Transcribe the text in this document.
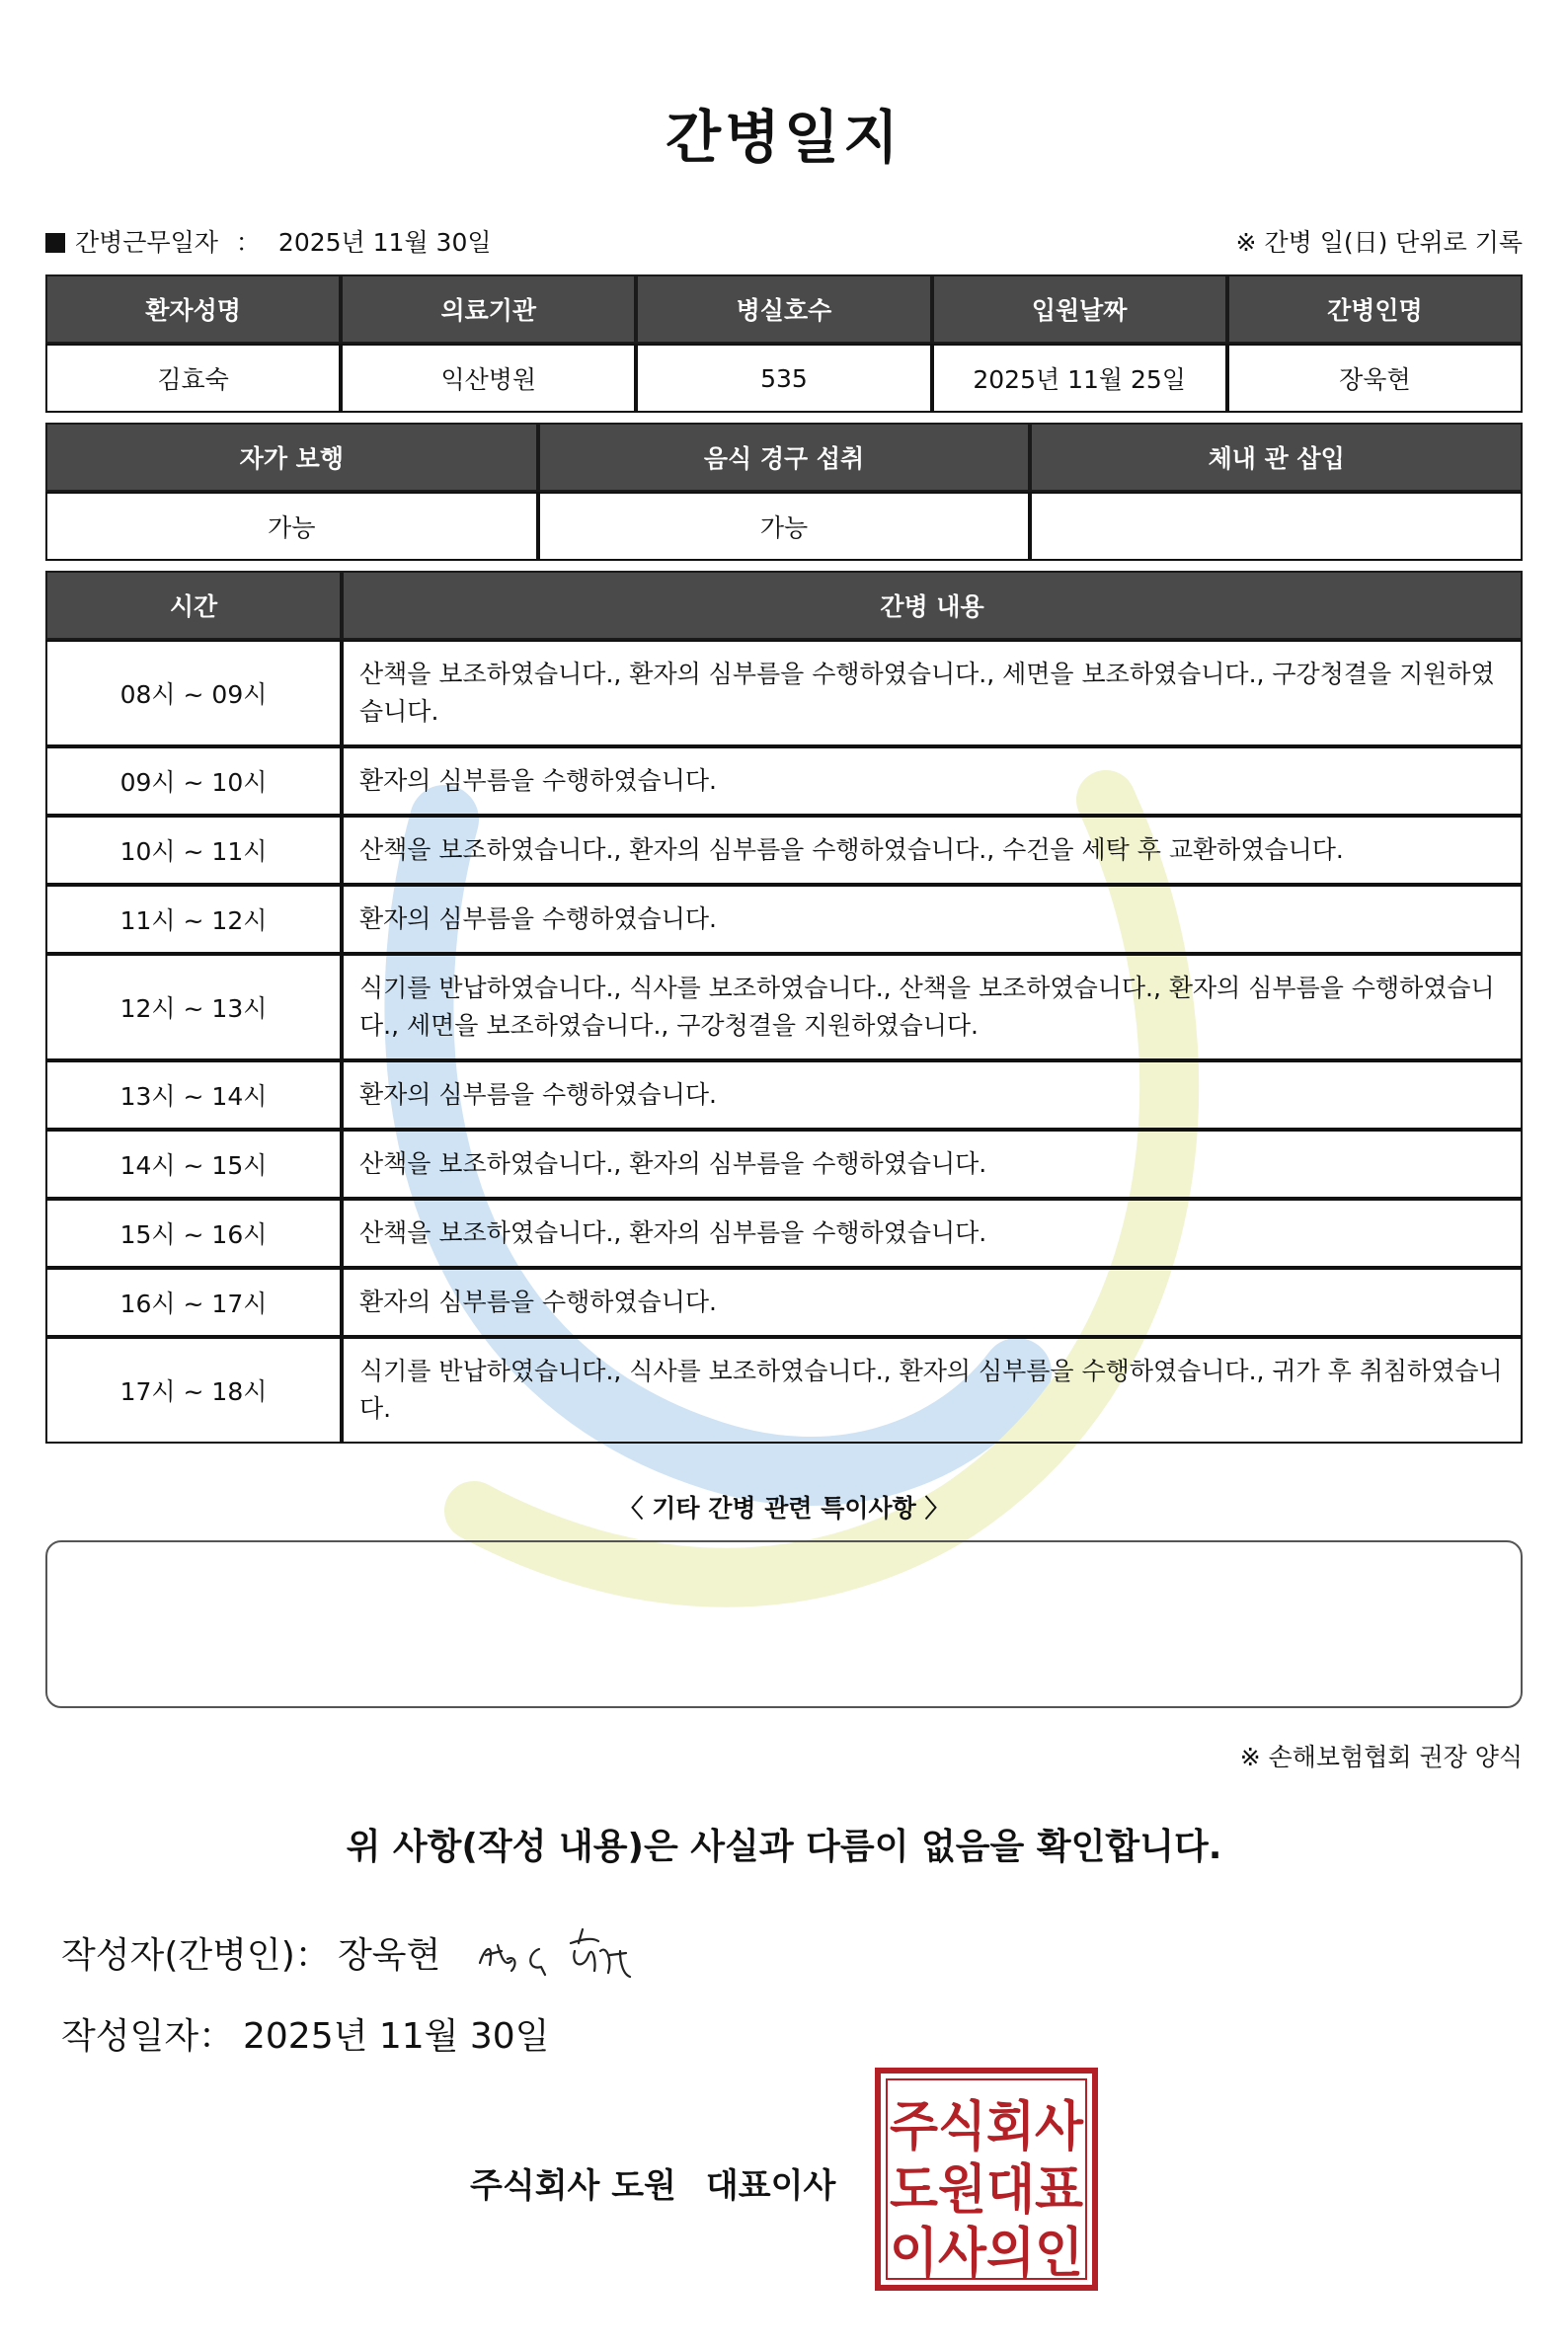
간병일지
간병근무일자 ： 2025년 11월 30일	※ 간병 일(日) 단위로 기록
환자성명	의료기관	병실호수	입원날짜	간병인명
김효숙	익산병원	535	2025년 11월 25일	장욱현
자가 보행	음식 경구 섭취	체내 관 삽입
가능	가능	
시간	간병 내용
08시 ~ 09시	산책을 보조하였습니다., 환자의 심부름을 수행하였습니다., 세면을 보조하였습니다., 구강청결을 지원하였습니다.
09시 ~ 10시	환자의 심부름을 수행하였습니다.
10시 ~ 11시	산책을 보조하였습니다., 환자의 심부름을 수행하였습니다., 수건을 세탁 후 교환하였습니다.
11시 ~ 12시	환자의 심부름을 수행하였습니다.
12시 ~ 13시	식기를 반납하였습니다., 식사를 보조하였습니다., 산책을 보조하였습니다., 환자의 심부름을 수행하였습니다., 세면을 보조하였습니다., 구강청결을 지원하였습니다.
13시 ~ 14시	환자의 심부름을 수행하였습니다.
14시 ~ 15시	산책을 보조하였습니다., 환자의 심부름을 수행하였습니다.
15시 ~ 16시	산책을 보조하였습니다., 환자의 심부름을 수행하였습니다.
16시 ~ 17시	환자의 심부름을 수행하였습니다.
17시 ~ 18시	식기를 반납하였습니다., 식사를 보조하였습니다., 환자의 심부름을 수행하였습니다., 귀가 후 취침하였습니다.
〈 기타 간병 관련 특이사항 〉
※ 손해보험협회 권장 양식
위 사항(작성 내용)은 사실과 다름이 없음을 확인합니다.
작성자(간병인)： 장욱현
작성일자： 2025년 11월 30일
주식회사 도원 대표이사
주식회사
도원대표
이사의인
